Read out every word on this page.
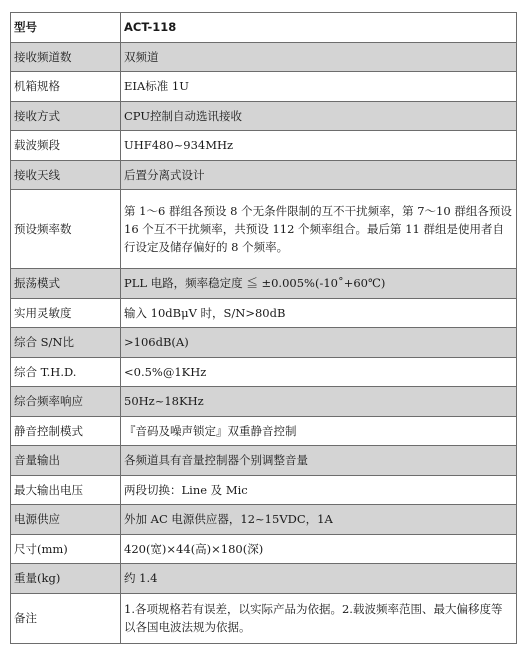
型号	ACT-118
接收频道数	双频道
机箱规格	EIA标准 1U
接收方式	CPU控制自动选讯接收
载波频段	UHF480~934MHz
接收天线	后置分离式设计
预设频率数	第 1～6 群组各预设 8 个无条件限制的互不干扰频率，第 7～10 群组各预设 16 个互不干扰频率，共预设 112 个频率组合。最后第 11 群组是使用者自行设定及储存偏好的 8 个频率。
振荡模式	PLL 电路，频率稳定度 ≦ ±0.005%(-10˚+60℃)
实用灵敏度	输入 10dBμV 时，S/N>80dB
综合 S/N比	>106dB(A)
综合 T.H.D.	<0.5%@1KHz
综合频率响应	50Hz~18KHz
静音控制模式	『音码及噪声锁定』双重静音控制
音量输出	各频道具有音量控制器个别调整音量
最大输出电压	两段切换：Line 及 Mic
电源供应	外加 AC 电源供应器，12~15VDC，1A
尺寸(mm)	420(宽)×44(高)×180(深)
重量(kg)	约 1.4
备注	1.各项规格若有误差，以实际产品为依据。2.载波频率范围、最大偏移度等以各国电波法规为依据。
